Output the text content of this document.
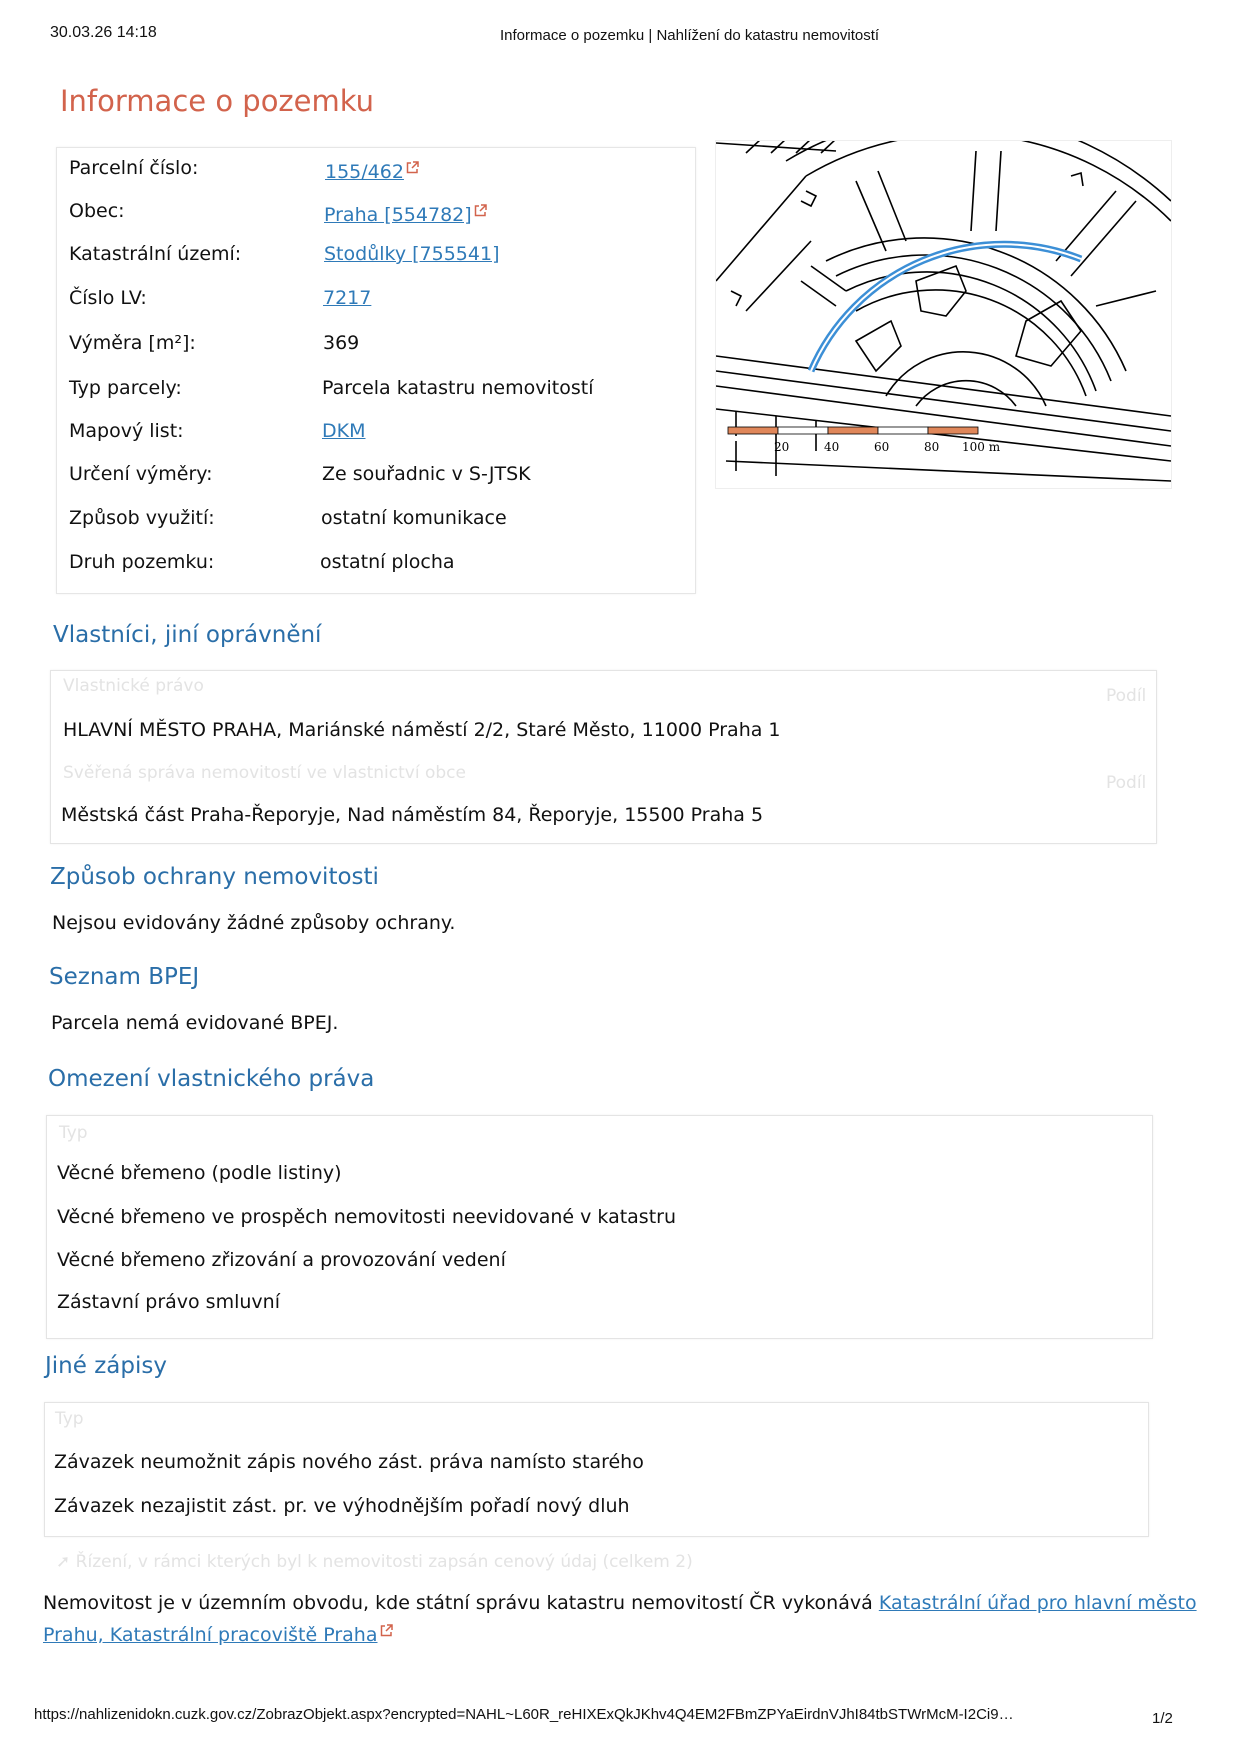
30.03.26 14:18	Informace o pozemku | Nahlížení do katastru nemovitostí
Informace o pozemku
Parcelní číslo:	155/462
Obec:	Praha [554782]
Katastrální území:	Stodůlky [755541]
Číslo LV:	7217
Výměra [m²]:	369
Typ parcely:	Parcela katastru nemovitostí
Mapový list:	DKM
Určení výměry:	Ze souřadnic v S-JTSK
Způsob využití:	ostatní komunikace
Druh pozemku:	ostatní plocha
20	40	60	80 100 m
Vlastníci, jiní oprávnění
Vlastnické právo	Podíl
HLAVNÍ MĚSTO PRAHA, Mariánské náměstí 2/2, Staré Město, 11000 Praha 1
Svěřená správa nemovitostí ve vlastnictví obce	Podíl
Městská část Praha-Řeporyje, Nad náměstím 84, Řeporyje, 15500 Praha 5
Způsob ochrany nemovitosti
Nejsou evidovány žádné způsoby ochrany.
Seznam BPEJ
Parcela nemá evidované BPEJ.
Omezení vlastnického práva
Typ
Věcné břemeno (podle listiny)
Věcné břemeno ve prospěch nemovitosti neevidované v katastru
Věcné břemeno zřizování a provozování vedení
Zástavní právo smluvní
Jiné zápisy
Typ
Závazek neumožnit zápis nového zást. práva namísto starého
Závazek nezajistit zást. pr. ve výhodnějším pořadí nový dluh
➚ Řízení, v rámci kterých byl k nemovitosti zapsán cenový údaj (celkem 2)
Nemovitost je v územním obvodu, kde státní správu katastru nemovitostí ČR vykonává Katastrální úřad pro hlavní město
Prahu, Katastrální pracoviště Praha
https://nahlizenidokn.cuzk.gov.cz/ZobrazObjekt.aspx?encrypted=NAHL~L60R_reHIXExQkJKhv4Q4EM2FBmZPYaEirdnVJhI84tbSTWrMcM-I2Ci9…	1/2
